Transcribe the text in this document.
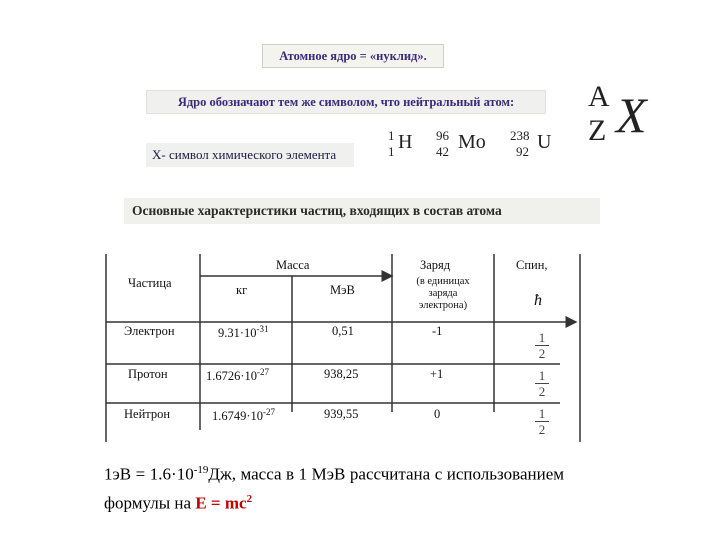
Атомное ядро = «нуклид».
Ядро обозначают тем же символом, что нейтральный атом:
X- символ химического элемента
1
1 H 96
42 Mo 238
92 U
A
Z X
Основные характеристики частиц, входящих в состав атома
Частица
Масса
кг	МэВ
Заряд
(в единицах заряда электрона)
Спин,
ħ
Электрон	$9.31\cdot 10^{-31}$	0,51	-1	1
2
Протон	$1.6726\cdot 10^{-27}$	938,25	+1	1
2
Нейтрон	$1.6749\cdot 10^{-27}$	939,55	0	1
2
$1эВ = 1.6\cdot 10^{-19}Дж$, масса в 1 МэВ рассчитана с использованием формулы на $E = mc^2$
